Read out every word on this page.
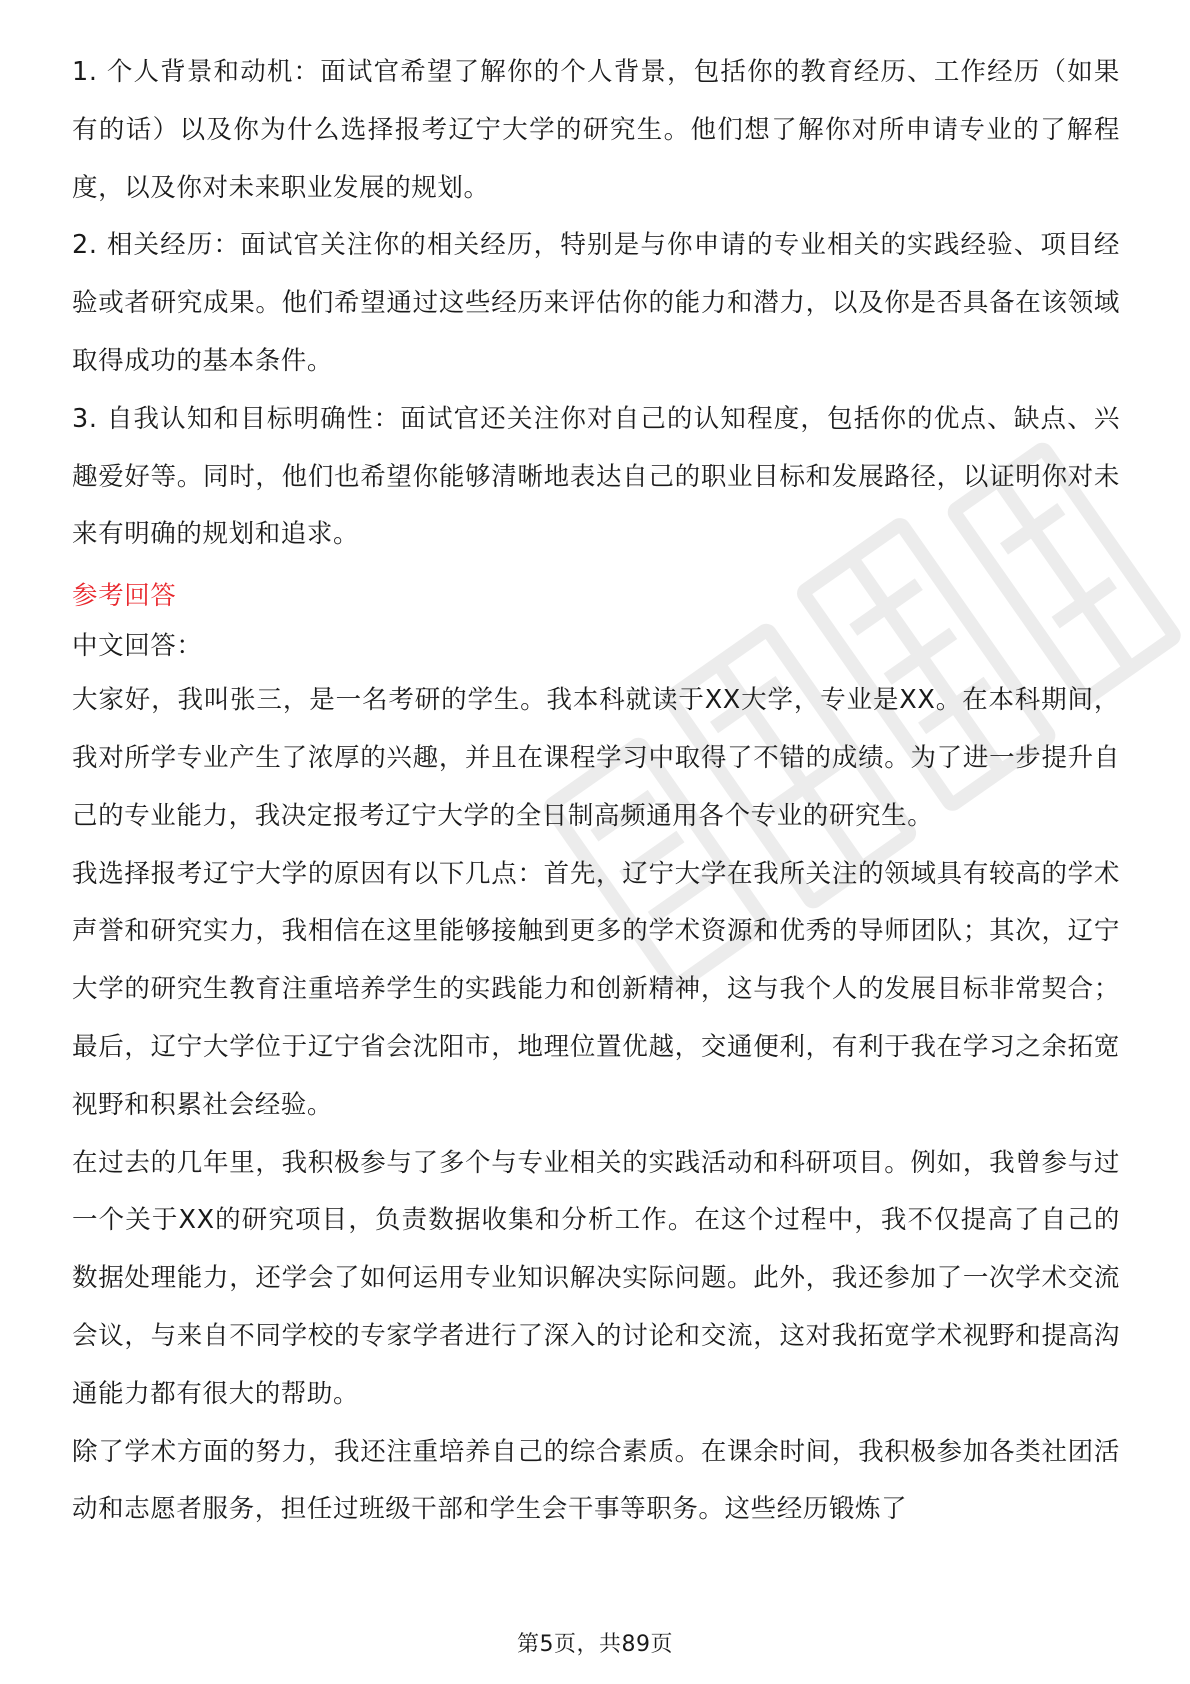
1. 个人背景和动机：面试官希望了解你的个人背景，包括你的教育经历、工作经历（如果有的话）以及你为什么选择报考辽宁大学的研究生。他们想了解你对所申请专业的了解程度，以及你对未来职业发展的规划。

2. 相关经历：面试官关注你的相关经历，特别是与你申请的专业相关的实践经验、项目经验或者研究成果。他们希望通过这些经历来评估你的能力和潜力，以及你是否具备在该领域取得成功的基本条件。

3. 自我认知和目标明确性：面试官还关注你对自己的认知程度，包括你的优点、缺点、兴趣爱好等。同时，他们也希望你能够清晰地表达自己的职业目标和发展路径，以证明你对未来有明确的规划和追求。

参考回答

中文回答：

大家好，我叫张三，是一名考研的学生。我本科就读于XX大学，专业是XX。在本科期间，我对所学专业产生了浓厚的兴趣，并且在课程学习中取得了不错的成绩。为了进一步提升自己的专业能力，我决定报考辽宁大学的全日制高频通用各个专业的研究生。

我选择报考辽宁大学的原因有以下几点：首先，辽宁大学在我所关注的领域具有较高的学术声誉和研究实力，我相信在这里能够接触到更多的学术资源和优秀的导师团队；其次，辽宁大学的研究生教育注重培养学生的实践能力和创新精神，这与我个人的发展目标非常契合；最后，辽宁大学位于辽宁省会沈阳市，地理位置优越，交通便利，有利于我在学习之余拓宽视野和积累社会经验。

在过去的几年里，我积极参与了多个与专业相关的实践活动和科研项目。例如，我曾参与过一个关于XX的研究项目，负责数据收集和分析工作。在这个过程中，我不仅提高了自己的数据处理能力，还学会了如何运用专业知识解决实际问题。此外，我还参加了一次学术交流会议，与来自不同学校的专家学者进行了深入的讨论和交流，这对我拓宽学术视野和提高沟通能力都有很大的帮助。

除了学术方面的努力，我还注重培养自己的综合素质。在课余时间，我积极参加各类社团活动和志愿者服务，担任过班级干部和学生会干事等职务。这些经历锻炼了

第5页，共89页
